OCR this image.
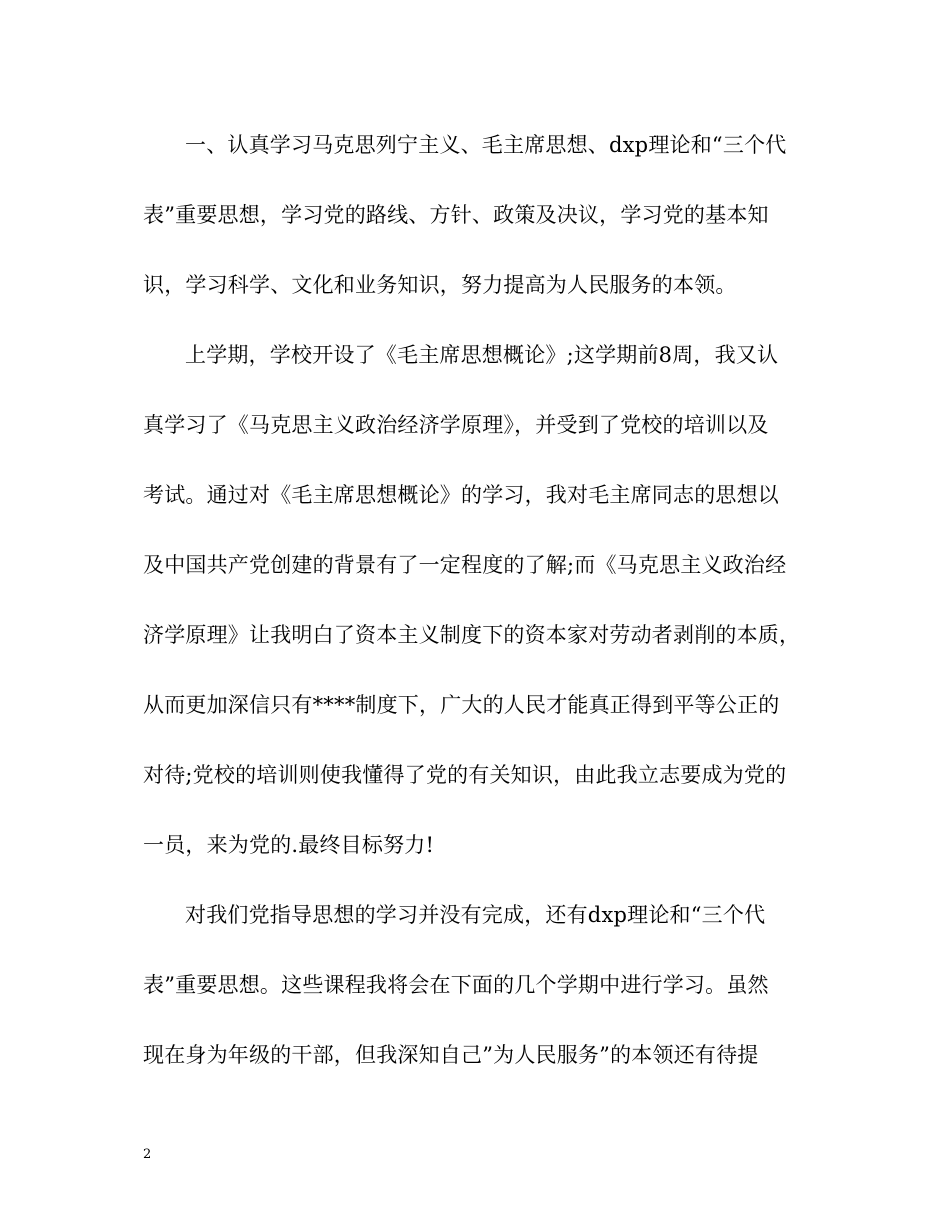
一、认真学习马克思列宁主义、毛主席思想、dxp理论和“三个代
表”重要思想，学习党的路线、方针、政策及决议，学习党的基本知
识，学习科学、文化和业务知识，努力提高为人民服务的本领。
上学期，学校开设了《毛主席思想概论》;这学期前8周，我又认
真学习了《马克思主义政治经济学原理》，并受到了党校的培训以及
考试。通过对《毛主席思想概论》的学习，我对毛主席同志的思想以
及中国共产党创建的背景有了一定程度的了解;而《马克思主义政治经
济学原理》让我明白了资本主义制度下的资本家对劳动者剥削的本质，
从而更加深信只有****制度下，广大的人民才能真正得到平等公正的
对待;党校的培训则使我懂得了党的有关知识，由此我立志要成为党的
一员，来为党的.最终目标努力!
对我们党指导思想的学习并没有完成，还有dxp理论和“三个代
表”重要思想。这些课程我将会在下面的几个学期中进行学习。虽然
现在身为年级的干部，但我深知自己”为人民服务”的本领还有待提
2
